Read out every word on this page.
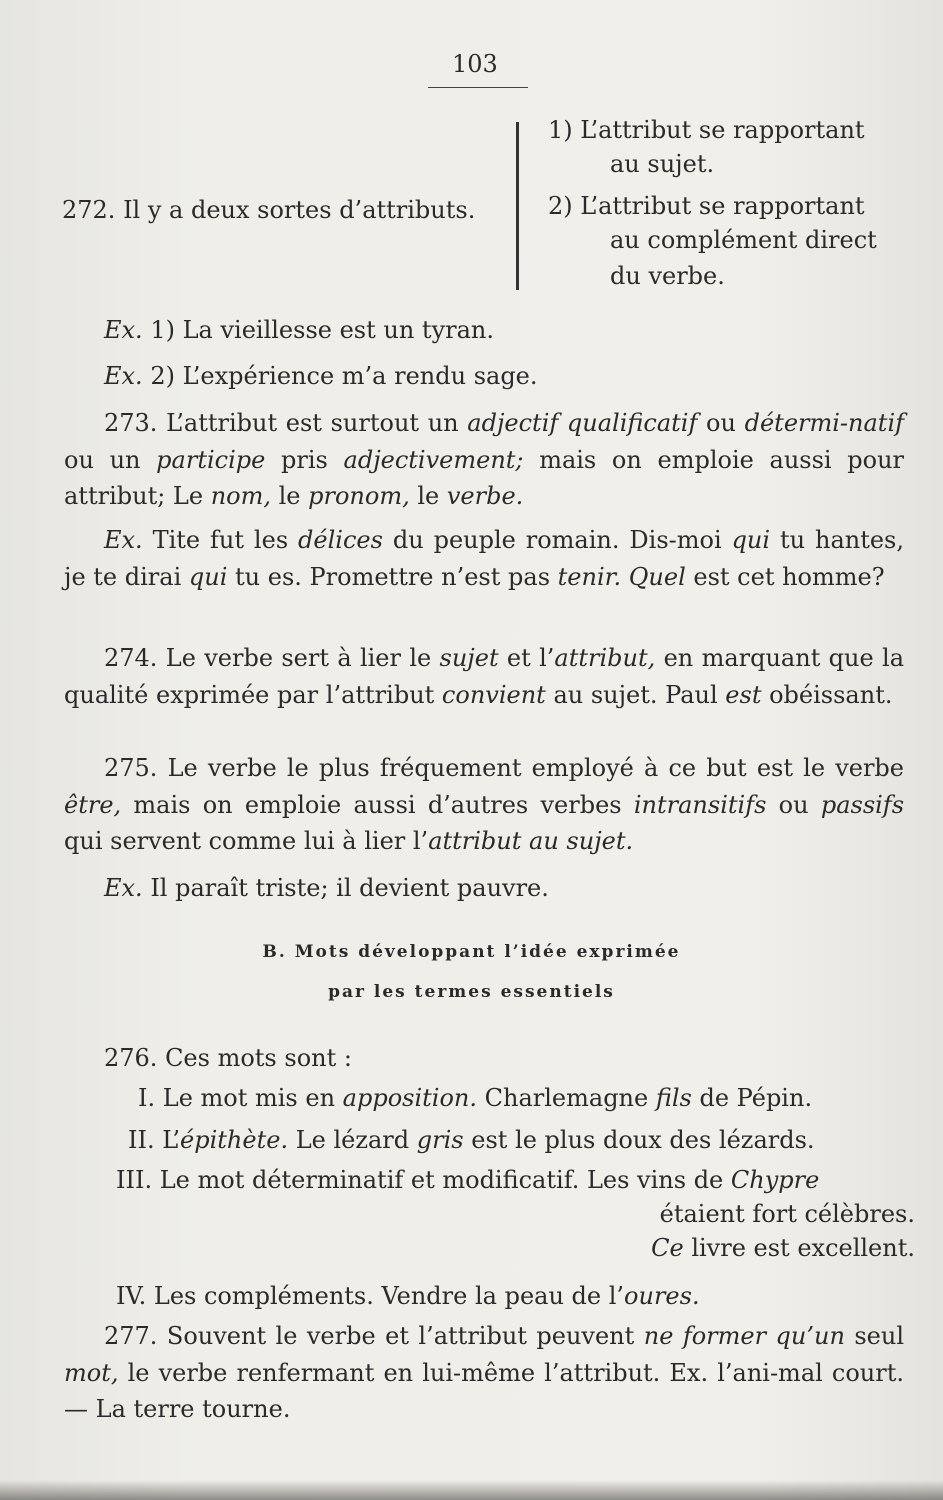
103
272. Il y a deux sortes d’attributs.
1) L’attribut se rapportant
au sujet.
2) L’attribut se rapportant
au complément direct
du verbe.
Ex. 1) La vieillesse est un tyran.
Ex. 2) L’expérience m’a rendu sage.
273. L’attribut est surtout un adjectif qualificatif ou détermi-natif ou un participe pris adjectivement; mais on emploie aussi pour attribut; Le nom, le pronom, le verbe.
Ex. Tite fut les délices du peuple romain. Dis-moi qui tu hantes, je te dirai qui tu es. Promettre n’est pas tenir. Quel est cet homme?
274. Le verbe sert à lier le sujet et l’attribut, en marquant que la qualité exprimée par l’attribut convient au sujet. Paul est obéissant.
275. Le verbe le plus fréquement employé à ce but est le verbe être, mais on emploie aussi d’autres verbes intransitifs ou passifs qui servent comme lui à lier l’attribut au sujet.
Ex. Il paraît triste; il devient pauvre.
B. Mots développant l’idée exprimée
par les termes essentiels
276. Ces mots sont :
I. Le mot mis en apposition. Charlemagne fils de Pépin.
II. L’épithète. Le lézard gris est le plus doux des lézards.
III. Le mot déterminatif et modificatif. Les vins de Chypre
étaient fort célèbres.
Ce livre est excellent.
IV. Les compléments. Vendre la peau de l’oures.
277. Souvent le verbe et l’attribut peuvent ne former qu’un seul mot, le verbe renfermant en lui-même l’attribut. Ex. l’ani-mal court. — La terre tourne.
